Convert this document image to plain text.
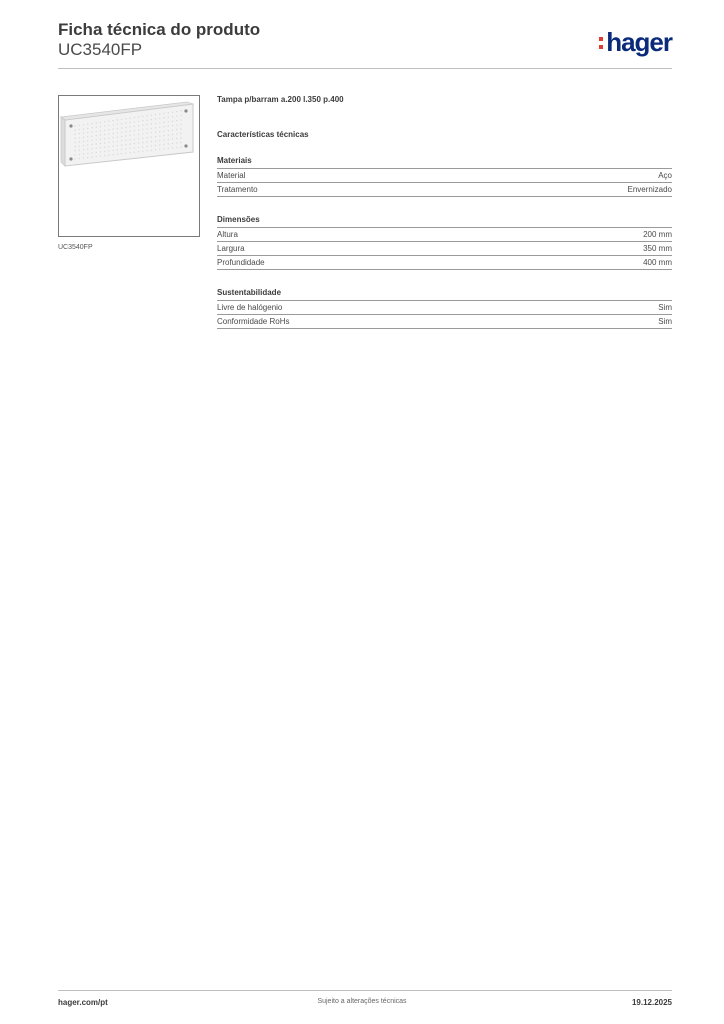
Ficha técnica do produto
UC3540FP	hager
UC3540FP
Tampa p/barram a.200 l.350 p.400
Características técnicas
Materiais
Material	Aço
Tratamento	Envernizado
Dimensões
Altura	200 mm
Largura	350 mm
Profundidade	400 mm
Sustentabilidade
Livre de halógenio	Sim
Conformidade RoHs	Sim
hager.com/pt	Sujeito a alterações técnicas	19.12.2025
